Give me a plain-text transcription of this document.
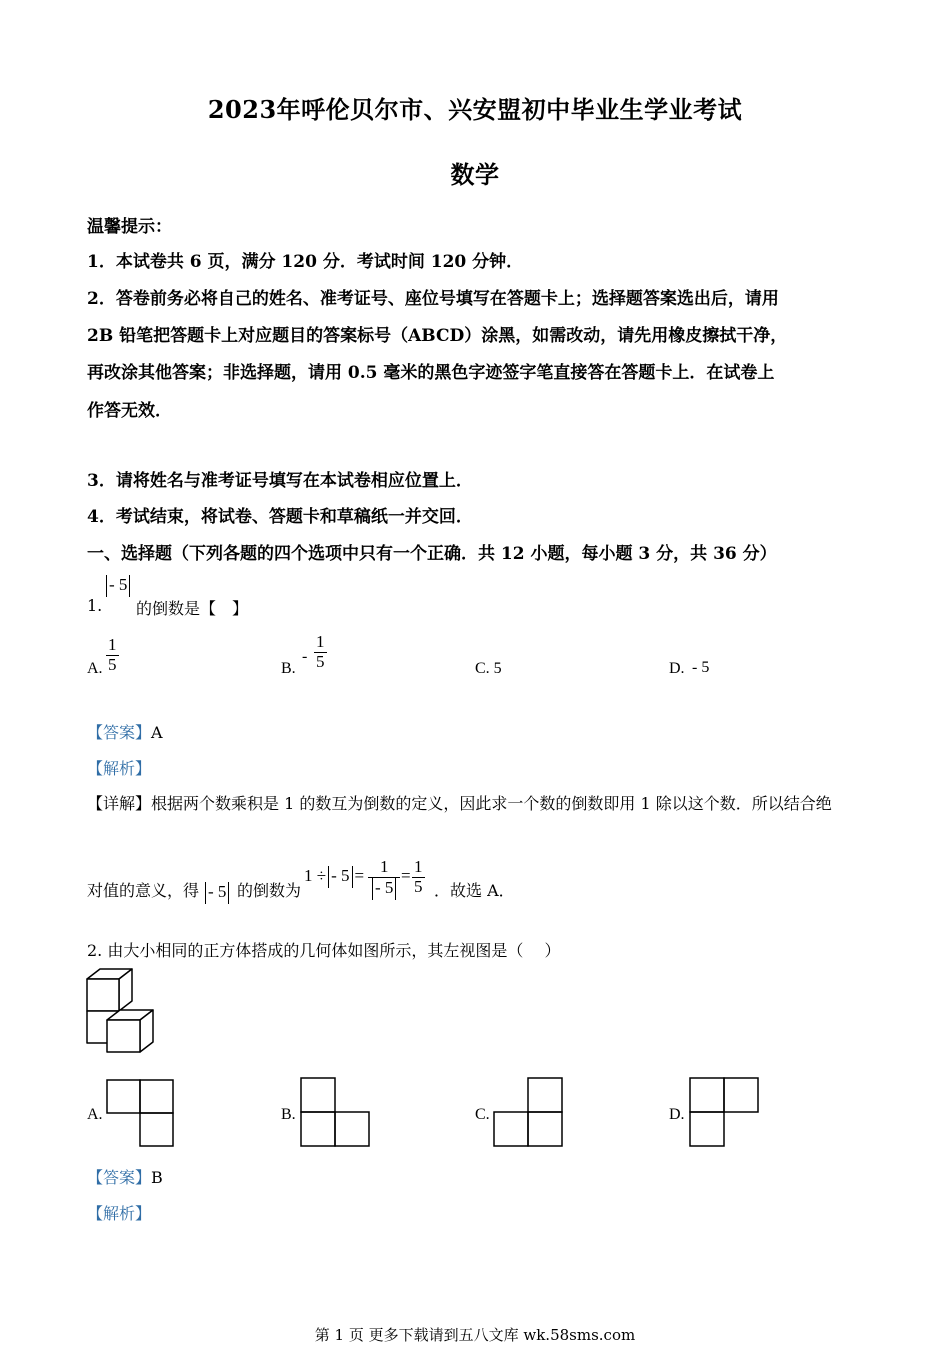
2023年呼伦贝尔市、兴安盟初中毕业生学业考试
数学
温馨提示：
1．本试卷共 6 页，满分 120 分．考试时间 120 分钟．
2．答卷前务必将自己的姓名、准考证号、座位号填写在答题卡上；选择题答案选出后，请用
2B 铅笔把答题卡上对应题目的答案标号（ABCD）涂黑，如需改动，请先用橡皮擦拭干净，
再改涂其他答案；非选择题，请用 0.5 毫米的黑色字迹签字笔直接答在答题卡上．在试卷上
作答无效．
3．请将姓名与准考证号填写在本试卷相应位置上．
4．考试结束，将试卷、答题卡和草稿纸一并交回．
一、选择题（下列各题的四个选项中只有一个正确．共 12 小题，每小题 3 分，共 36 分）
1.
- 5
的倒数是【　】
A. $\frac{1}{5}$	B.
- $\frac{1}{5}$	C. 5	D. - 5
【答案】A
【解析】
【详解】根据两个数乘积是 1 的数互为倒数的定义，因此求一个数的倒数即用 1 除以这个数．所以结合绝
对值的意义，得 - 5 的倒数为
1 ÷ - $5 = \frac{1}{- 5} = \frac{1}{5}$ ．故选 A．
2. 由大小相同的正方体搭成的几何体如图所示，其左视图是（　 ）
A.	B.	C.	D.
【答案】B
【解析】
第 1 页 更多下载请到五八文库 wk.58sms.com
